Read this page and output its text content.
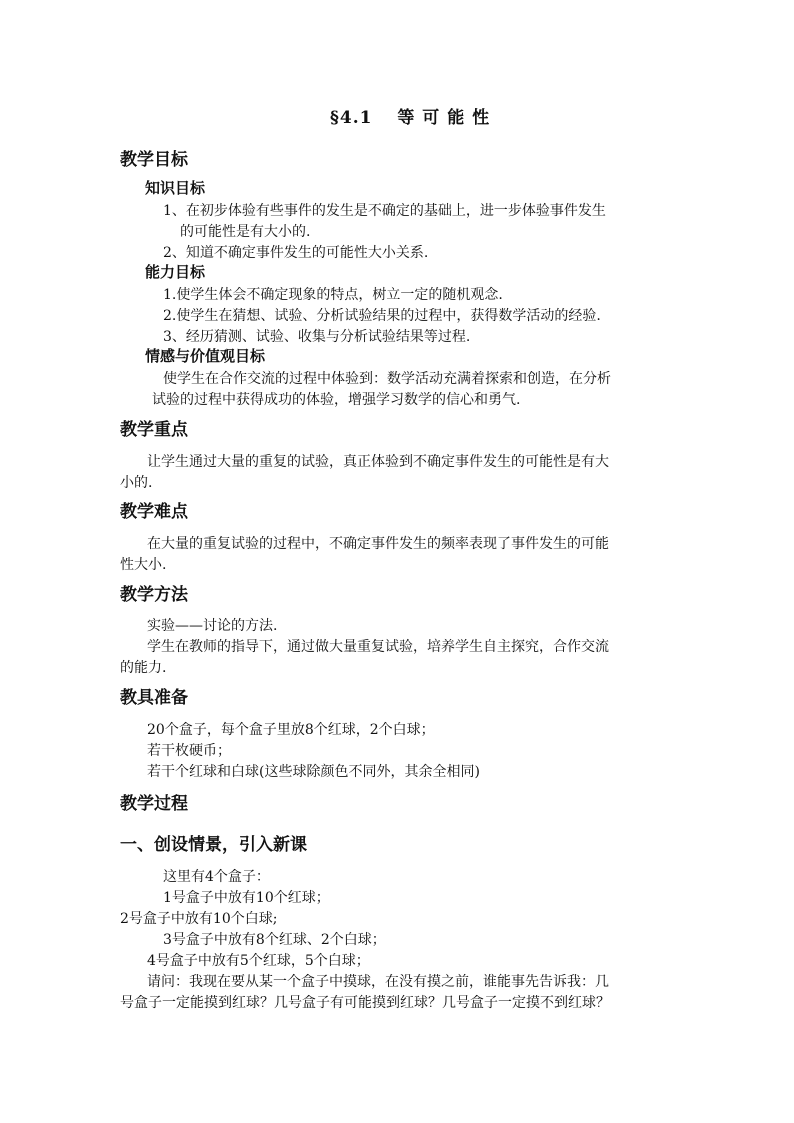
§4.1　 等 可 能 性
教学目标
知识目标
1、在初步体验有些事件的发生是不确定的基础上，进一步体验事件发生
的可能性是有大小的.
2、知道不确定事件发生的可能性大小关系.
能力目标
1.使学生体会不确定现象的特点，树立一定的随机观念.
2.使学生在猜想、试验、分析试验结果的过程中，获得数学活动的经验.
3、经历猜测、试验、收集与分析试验结果等过程.
情感与价值观目标
使学生在合作交流的过程中体验到：数学活动充满着探索和创造，在分析
试验的过程中获得成功的体验，增强学习数学的信心和勇气.
教学重点
让学生通过大量的重复的试验，真正体验到不确定事件发生的可能性是有大
小的.
教学难点
在大量的重复试验的过程中，不确定事件发生的频率表现了事件发生的可能
性大小.
教学方法
实验——讨论的方法.
学生在教师的指导下，通过做大量重复试验，培养学生自主探究，合作交流
的能力.
教具准备
20个盒子，每个盒子里放8个红球，2个白球；
若干枚硬币；
若干个红球和白球(这些球除颜色不同外，其余全相同)
教学过程
一、创设情景，引入新课
这里有4个盒子：
1号盒子中放有10个红球；
2号盒子中放有10个白球;
3号盒子中放有8个红球、2个白球；
4号盒子中放有5个红球，5个白球；
请问：我现在要从某一个盒子中摸球，在没有摸之前，谁能事先告诉我：几
号盒子一定能摸到红球？几号盒子有可能摸到红球？几号盒子一定摸不到红球？
